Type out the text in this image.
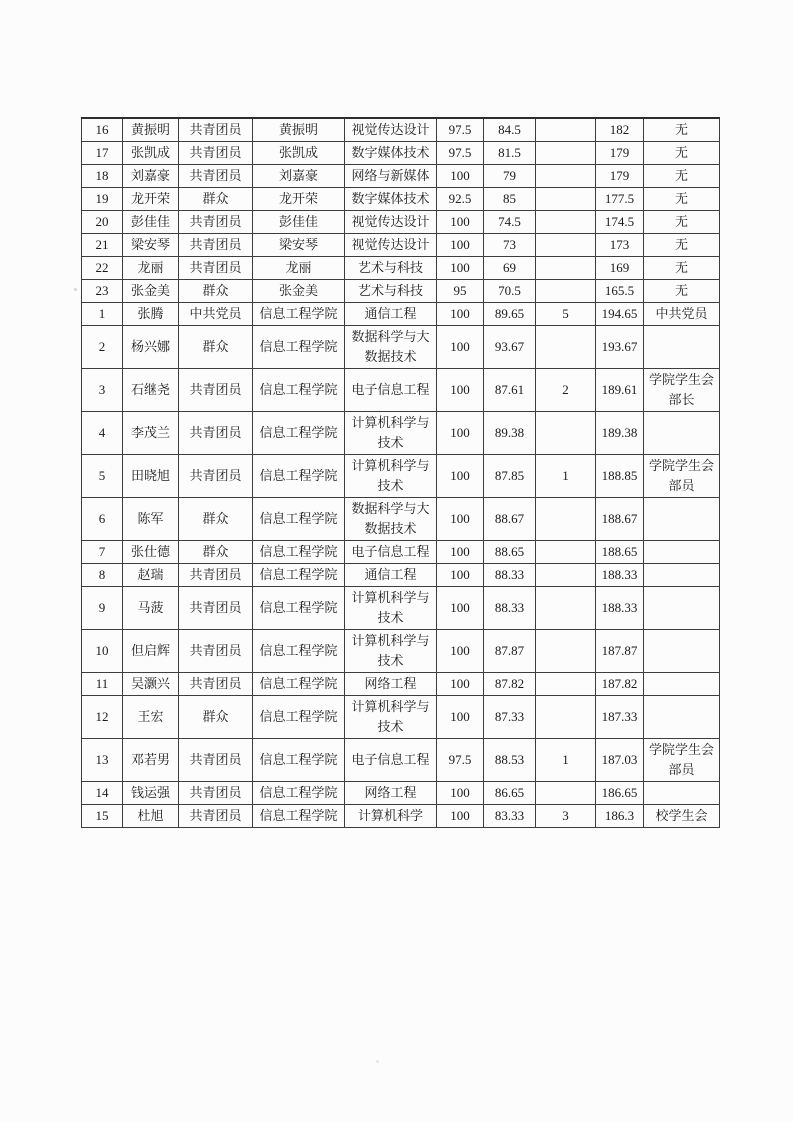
16	黄振明	共青团员	黄振明	视觉传达设计	97.5	84.5		182	无
17	张凯成	共青团员	张凯成	数字媒体技术	97.5	81.5		179	无
18	刘嘉豪	共青团员	刘嘉豪	网络与新媒体	100	79		179	无
19	龙开荣	群众	龙开荣	数字媒体技术	92.5	85		177.5	无
20	彭佳佳	共青团员	彭佳佳	视觉传达设计	100	74.5		174.5	无
21	梁安琴	共青团员	梁安琴	视觉传达设计	100	73		173	无
22	龙丽	共青团员	龙丽	艺术与科技	100	69		169	无
23	张金美	群众	张金美	艺术与科技	95	70.5		165.5	无
1	张腾	中共党员	信息工程学院	通信工程	100	89.65	5	194.65	中共党员
2	杨兴娜	群众	信息工程学院	数据科学与大数据技术	100	93.67		193.67	
3	石继尧	共青团员	信息工程学院	电子信息工程	100	87.61	2	189.61	学院学生会部长
4	李茂兰	共青团员	信息工程学院	计算机科学与技术	100	89.38		189.38	
5	田晓旭	共青团员	信息工程学院	计算机科学与技术	100	87.85	1	188.85	学院学生会部员
6	陈军	群众	信息工程学院	数据科学与大数据技术	100	88.67		188.67	
7	张仕德	群众	信息工程学院	电子信息工程	100	88.65		188.65	
8	赵瑞	共青团员	信息工程学院	通信工程	100	88.33		188.33	
9	马菠	共青团员	信息工程学院	计算机科学与技术	100	88.33		188.33	
10	但启辉	共青团员	信息工程学院	计算机科学与技术	100	87.87		187.87	
11	吴灏兴	共青团员	信息工程学院	网络工程	100	87.82		187.82	
12	王宏	群众	信息工程学院	计算机科学与技术	100	87.33		187.33	
13	邓若男	共青团员	信息工程学院	电子信息工程	97.5	88.53	1	187.03	学院学生会部员
14	钱运强	共青团员	信息工程学院	网络工程	100	86.65		186.65	
15	杜旭	共青团员	信息工程学院	计算机科学	100	83.33	3	186.3	校学生会
